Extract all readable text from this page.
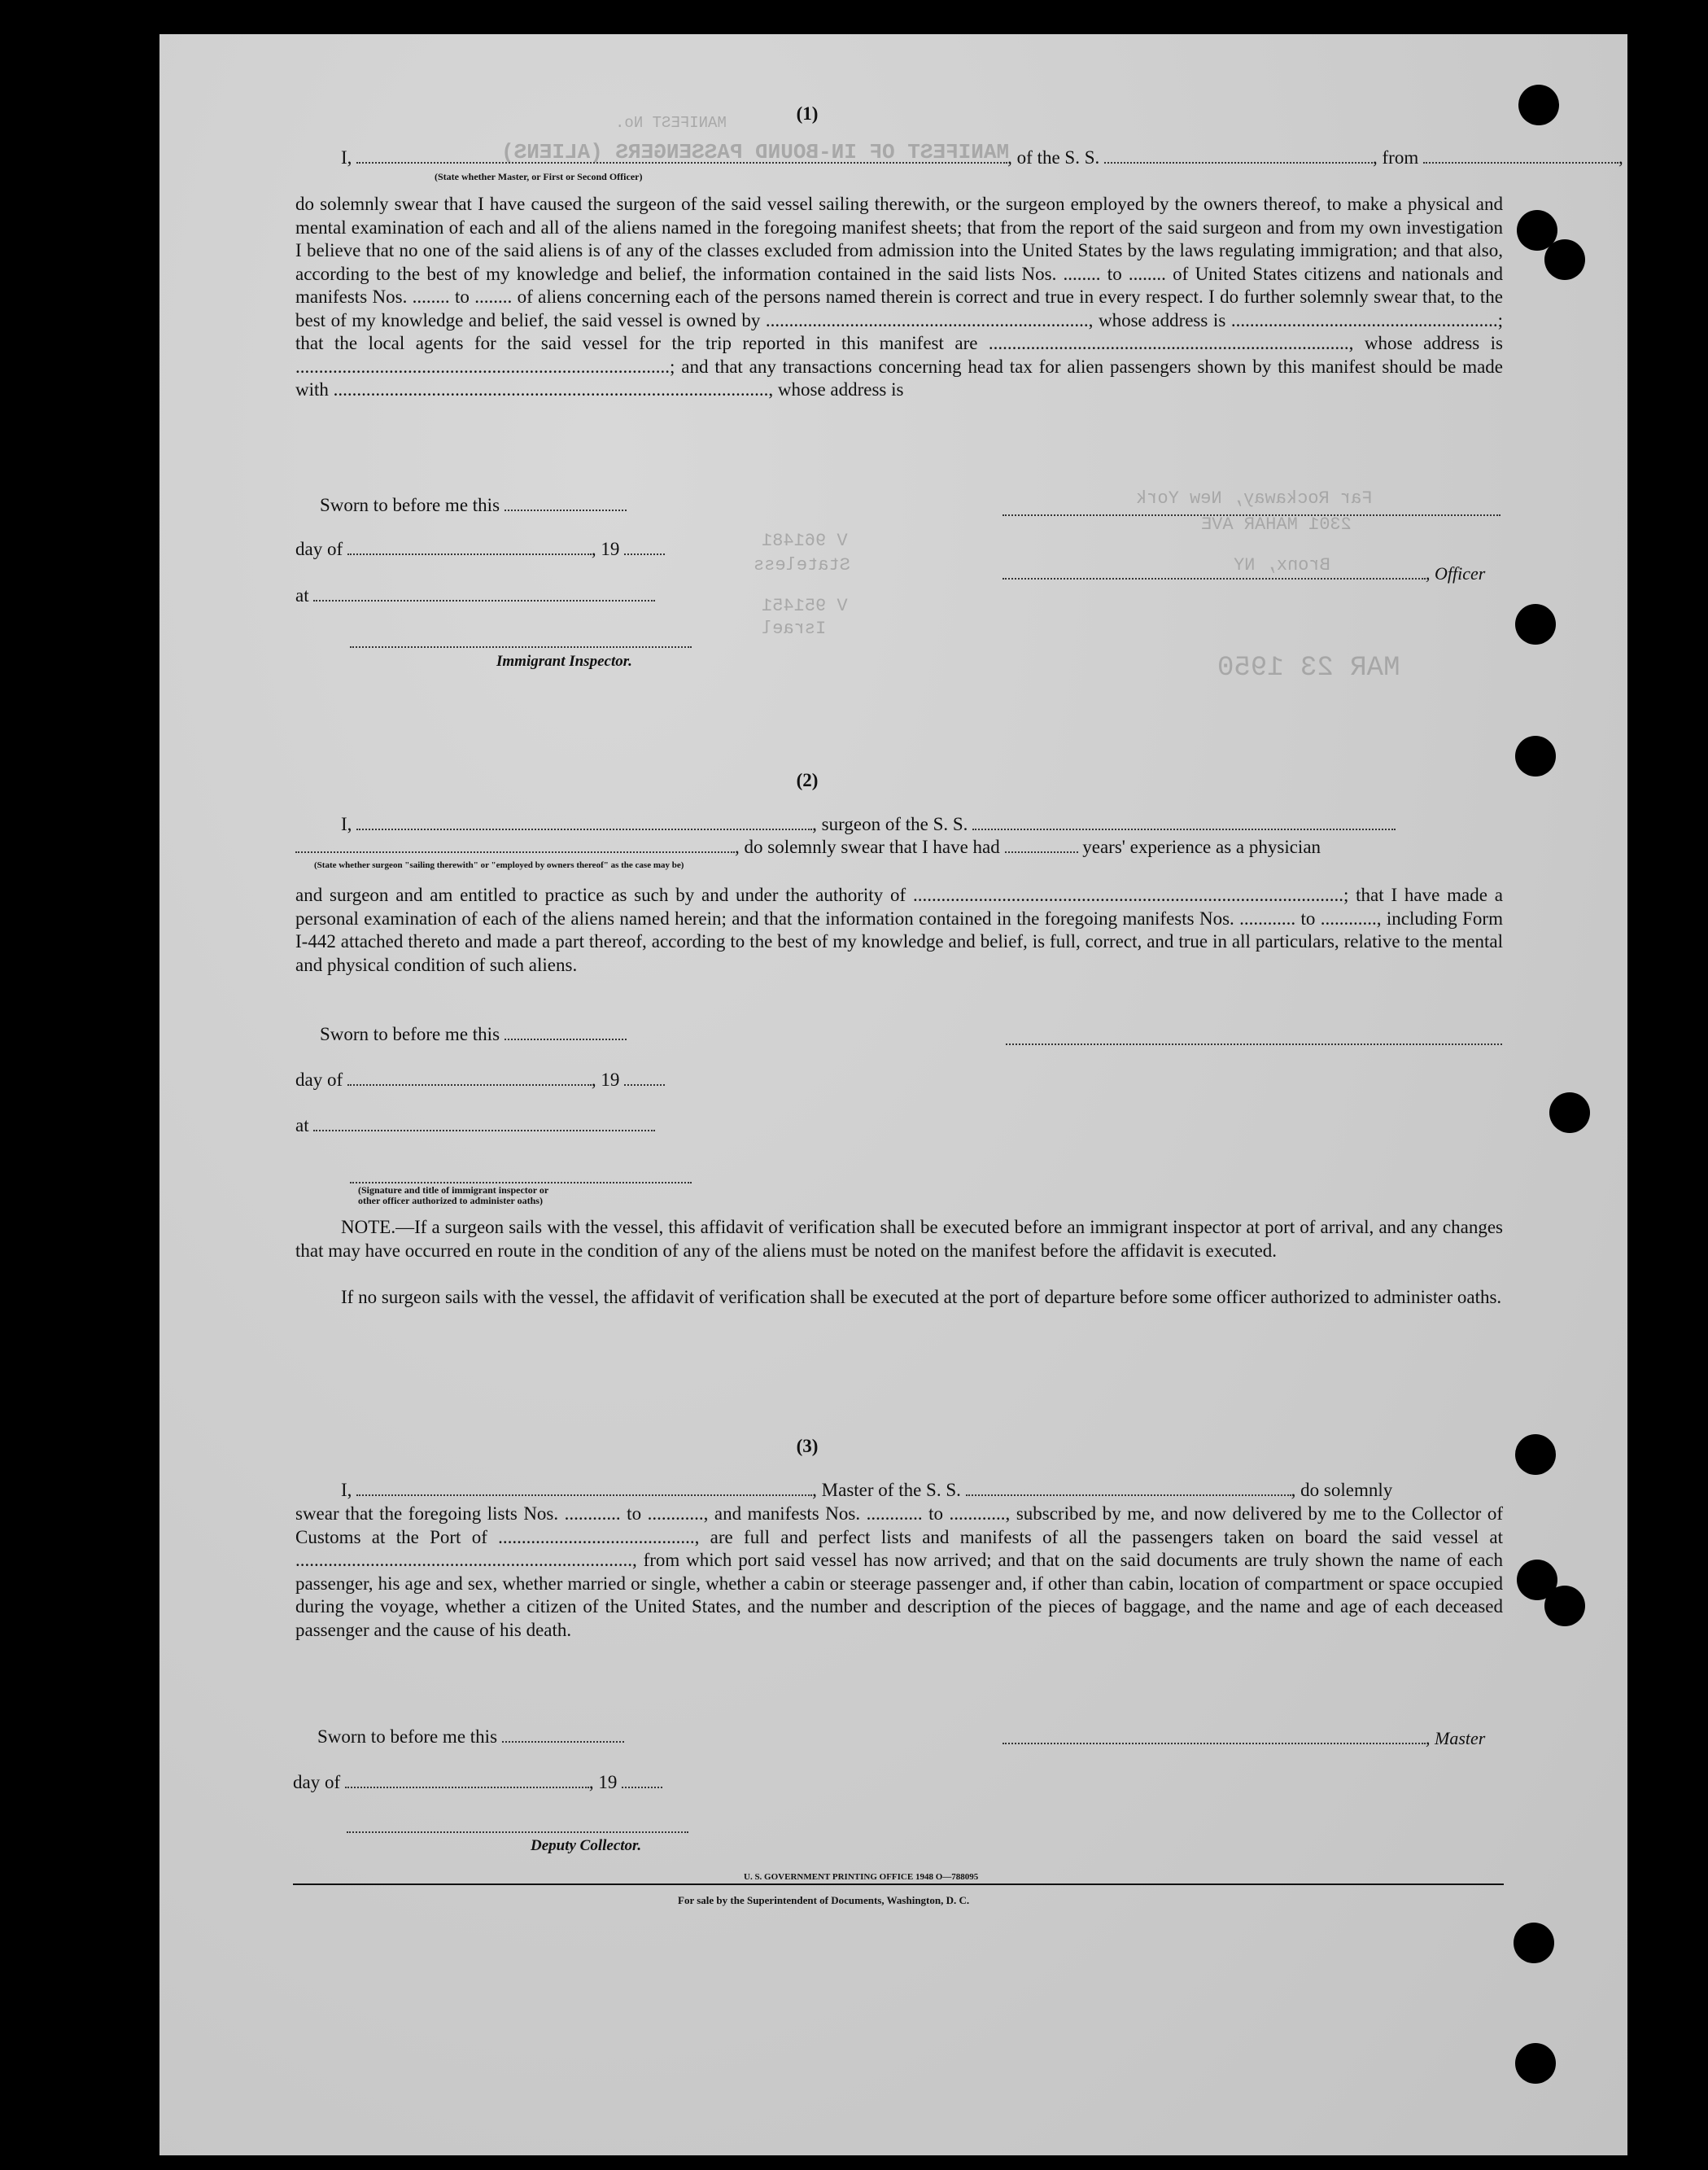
MANIFEST OF IN-BOUND PASSENGERS (ALIENS)
MANIFEST No.
V 961481
Stateless
V 951451
Israel
Far Rockaway, New York
2301 MAHAR AVE
Bronx, NY
MAR 23 1950
(1)
I,	, of the S. S.	, from	,
(State whether Master, or First or Second Officer)
do solemnly swear that I have caused the surgeon of the said vessel sailing therewith, or the surgeon employed by the owners thereof, to make a physical and mental examination of each and all of the aliens named in the foregoing manifest sheets; that from the report of the said surgeon and from my own investigation I believe that no one of the said aliens is of any of the classes excluded from admission into the United States by the laws regulating immigration; and that also, according to the best of my knowledge and belief, the information contained in the said lists Nos. ........ to ........ of United States citizens and nationals and manifests Nos. ........ to ........ of aliens concerning each of the persons named therein is correct and true in every respect. I do further solemnly swear that, to the best of my knowledge and belief, the said vessel is owned by ....................................................................., whose address is .........................................................; that the local agents for the said vessel for the trip reported in this manifest are ............................................................................., whose address is ................................................................................; and that any transactions concerning head tax for alien passengers shown by this manifest should be made with ............................................................................................., whose address is
Sworn to before me this
day of	, 19
, Officer
at
Immigrant Inspector.
(2)
I,	, surgeon of the S. S.
, do solemnly swear that I have had	years' experience as a physician
(State whether surgeon "sailing therewith" or "employed by owners thereof" as the case may be)
and surgeon and am entitled to practice as such by and under the authority of ............................................................................................; that I have made a personal examination of each of the aliens named herein; and that the information contained in the foregoing manifests Nos. ............ to ............, including Form I-442 attached thereto and made a part thereof, according to the best of my knowledge and belief, is full, correct, and true in all particulars, relative to the mental and physical condition of such aliens.
Sworn to before me this
day of	, 19
at
(Signature and title of immigrant inspector or
other officer authorized to administer oaths)
NOTE.—If a surgeon sails with the vessel, this affidavit of verification shall be executed before an immigrant inspector at port of arrival, and any changes that may have occurred en route in the condition of any of the aliens must be noted on the manifest before the affidavit is executed.
If no surgeon sails with the vessel, the affidavit of verification shall be executed at the port of departure before some officer authorized to administer oaths.
(3)
I,	, Master of the S. S.	, do solemnly
swear that the foregoing lists Nos. ............ to ............, and manifests Nos. ............ to ............, subscribed by me, and now delivered by me to the Collector of Customs at the Port of .........................................., are full and perfect lists and manifests of all the passengers taken on board the said vessel at ........................................................................, from which port said vessel has now arrived; and that on the said documents are truly shown the name of each passenger, his age and sex, whether married or single, whether a cabin or steerage passenger and, if other than cabin, location of compartment or space occupied during the voyage, whether a citizen of the United States, and the number and description of the pieces of baggage, and the name and age of each deceased passenger and the cause of his death.
Sworn to before me this	, Master
day of	, 19
Deputy Collector.
U. S. GOVERNMENT PRINTING OFFICE 1948 O—788095
For sale by the Superintendent of Documents, Washington, D. C.
